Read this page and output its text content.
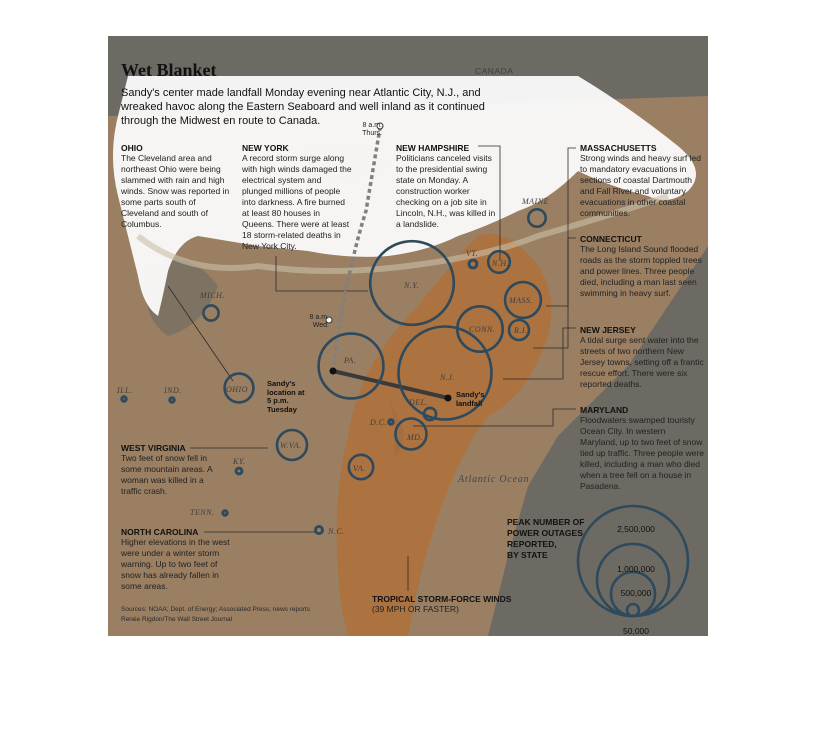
Wet Blanket
Sandy's center made landfall Monday evening near Atlantic City, N.J., and wreaked havoc along the Eastern Seaboard and well inland as it continued through the Midwest en route to Canada.
CANADA
Atlantic Ocean
MAINE
N.H.
VT.
MASS.
R.I.
CONN.
N.Y.
PA.
N.J.
DEL.
MD.
D.C.
VA.
W.VA.
OHIO
MICH.
IND.
ILL.
KY.
TENN.
N.C.
8 a.m. Thurs.
8 a.m. Wed.
Sandy's location at 5 p.m. Tuesday
Sandy's landfall
OHIO
The Cleveland area and northeast Ohio were being slammed with rain and high winds. Snow was reported in some parts south of Cleveland and south of Columbus.
NEW YORK
A record storm surge along with high winds damaged the electrical system and plunged millions of people into darkness. A fire burned at least 80 houses in Queens. There were at least 18 storm-related deaths in New York City.
NEW HAMPSHIRE
Politicians canceled visits to the presidential swing state on Monday. A construction worker checking on a job site in Lincoln, N.H., was killed in a landslide.
MASSACHUSETTS
Strong winds and heavy surf led to mandatory evacuations in sections of coastal Dartmouth and Fall River and voluntary evacuations in other coastal communities.
CONNECTICUT
The Long Island Sound flooded roads as the storm toppled trees and power lines. Three people died, including a man last seen swimming in heavy surf.
NEW JERSEY
A tidal surge sent water into the streets of two northern New Jersey towns, setting off a frantic rescue effort. There were six reported deaths.
MARYLAND
Floodwaters swamped touristy Ocean City. In western Maryland, up to two feet of snow tied up traffic. Three people were killed, including a man who died when a tree fell on a house in Pasadena.
WEST VIRGINIA
Two feet of snow fell in some mountain areas. A woman was killed in a traffic crash.
NORTH CAROLINA
Higher elevations in the west were under a winter storm warning. Up to two feet of snow has already fallen in some areas.
TROPICAL STORM-FORCE WINDS
(39 MPH OR FASTER)
PEAK NUMBER OF
POWER OUTAGES
REPORTED,
BY STATE
2,500,000
1,000,000
500,000
50,000
Sources: NOAA; Dept. of Energy; Associated Press; news reports
Renée Rigdon/The Wall Street Journal
